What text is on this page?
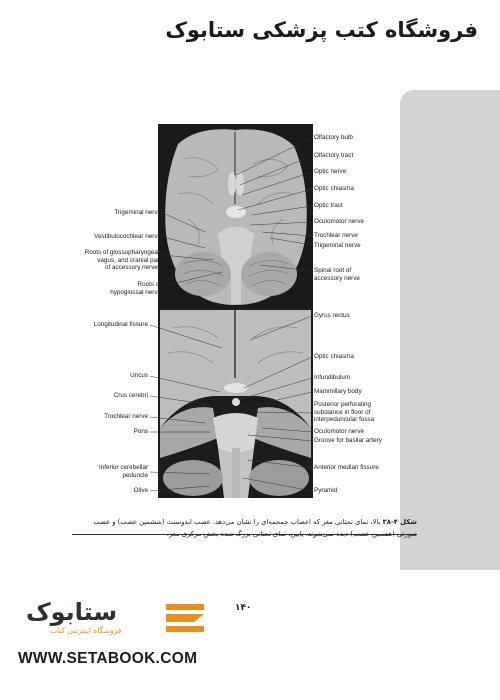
فروشگاه کتب پزشکی ستابوک
Olfactory bulb
Olfactory tract
Optic nerve
Optic chiasma
Optic tract
Oculomotor nerve
Trochlear nerve
Trigeminal nerve
Spinal root of
accessory nerve
Trigeminal nerve
Vestibulocochlear nerve
Roots of glossopharyngeal,
vagus, and cranial part
of accessory nerves
Roots of
hypoglossal nerve
Gyrus rectus
Optic chiasma
Infundibulum
Mammillary body
Posterior perforating
substance in floor of
interpeduncular fossa
Oculomotor nerve
Groove for basilar artery
Anterior median fissure
Pyramid
Longitudinal fissure
Uncus
Crus cerebri
Trochlear nerve
Pons
Inferior cerebellar
peduncle
Olive
شکل ۴-۳۸ بالا، نمای تحتانی مغز که اعصاب جمجمه‌ای را نشان می‌دهد. عصب ابدوسنت (ششمین عصب) و عصب صورتی (هفتمین عصب) دیده نمی‌شوند. پایین، نمای تحتانی بزرگ شده بخش مرکزی مغز.
۱۴۰
ستابوک
فروشگاه اینترنتی کتاب
WWW.SETABOOK.COM
